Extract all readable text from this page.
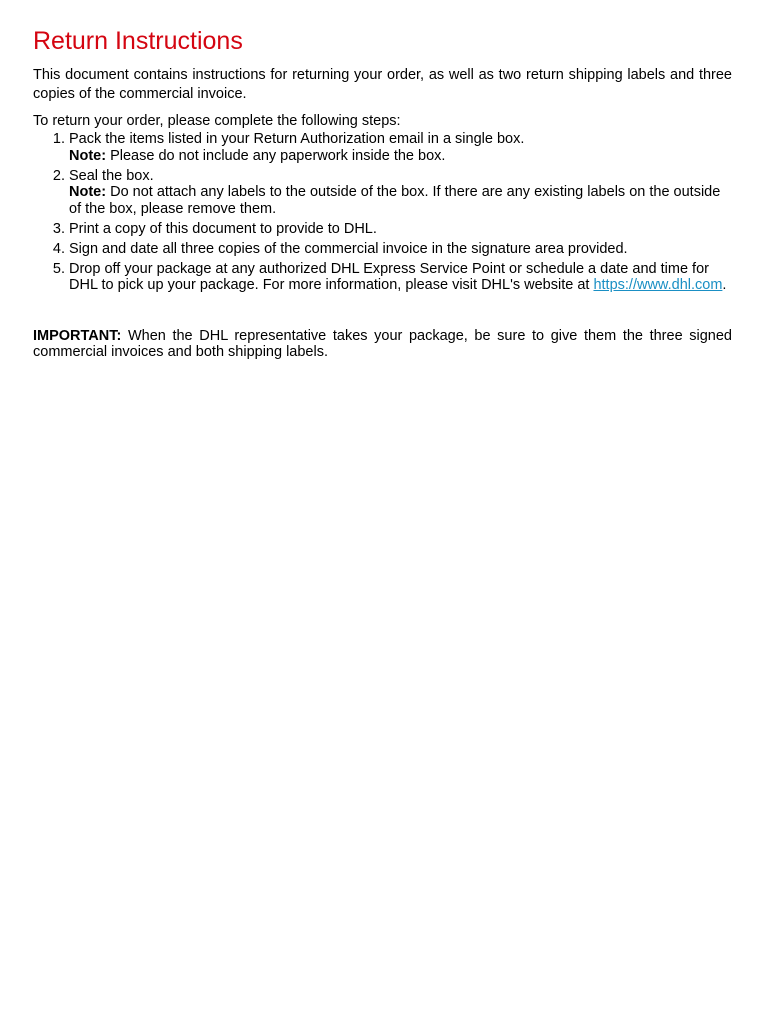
Return Instructions

This document contains instructions for returning your order, as well as two return shipping labels and three copies of the commercial invoice.

To return your order, please complete the following steps:

1. Pack the items listed in your Return Authorization email in a single box.
Note: Please do not include any paperwork inside the box.
2. Seal the box.
Note: Do not attach any labels to the outside of the box. If there are any existing labels on the outside of the box, please remove them.
3. Print a copy of this document to provide to DHL.
4. Sign and date all three copies of the commercial invoice in the signature area provided.
5. Drop off your package at any authorized DHL Express Service Point or schedule a date and time for DHL to pick up your package. For more information, please visit DHL's website at https://www.dhl.com.

IMPORTANT: When the DHL representative takes your package, be sure to give them the three signed commercial invoices and both shipping labels.
